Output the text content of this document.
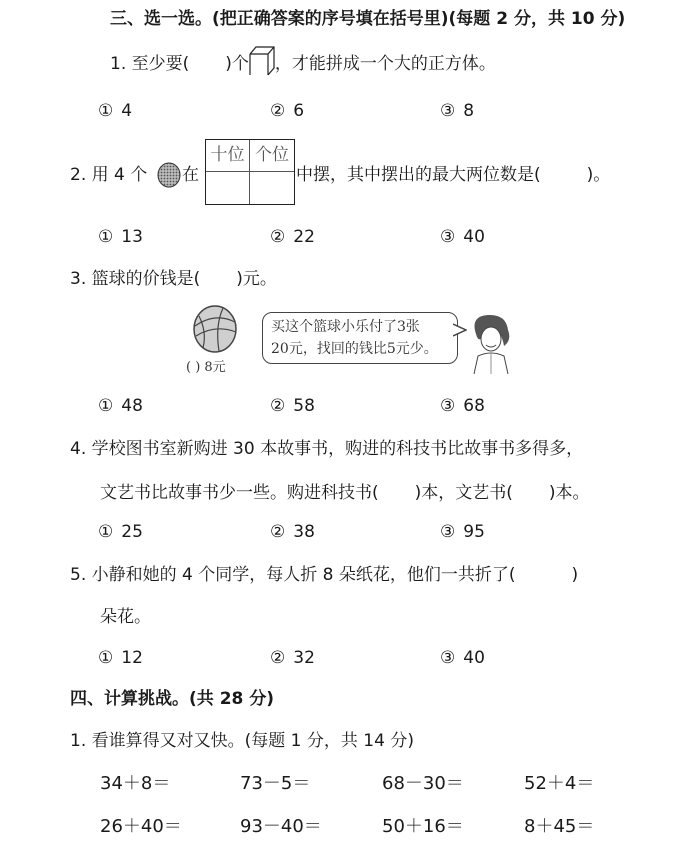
三、选一选。(把正确答案的序号填在括号里)(每题 2 分，共 10 分)
1. 至少要( )个 ，才能拼成一个大的正方体。
① 4	② 6	③ 8
2. 用 4 个 在
十位 个位
中摆，其中摆出的最大两位数是(	)。
① 13	② 22	③ 40
3. 篮球的价钱是( )元。
( ) 8元
买这个篮球小乐付了3张
20元，找回的钱比5元少。
① 48	② 58	③ 68
4. 学校图书室新购进 30 本故事书，购进的科技书比故事书多得多，
文艺书比故事书少一些。购进科技书( )本，文艺书( )本。
① 25	② 38	③ 95
5. 小静和她的 4 个同学，每人折 8 朵纸花，他们一共折了(	)
朵花。
① 12	② 32	③ 40
四、计算挑战。(共 28 分)
1. 看谁算得又对又快。(每题 1 分，共 14 分)
34＋8＝	73－5＝	68－30＝	52＋4＝
26＋40＝	93－40＝	50＋16＝	8＋45＝
